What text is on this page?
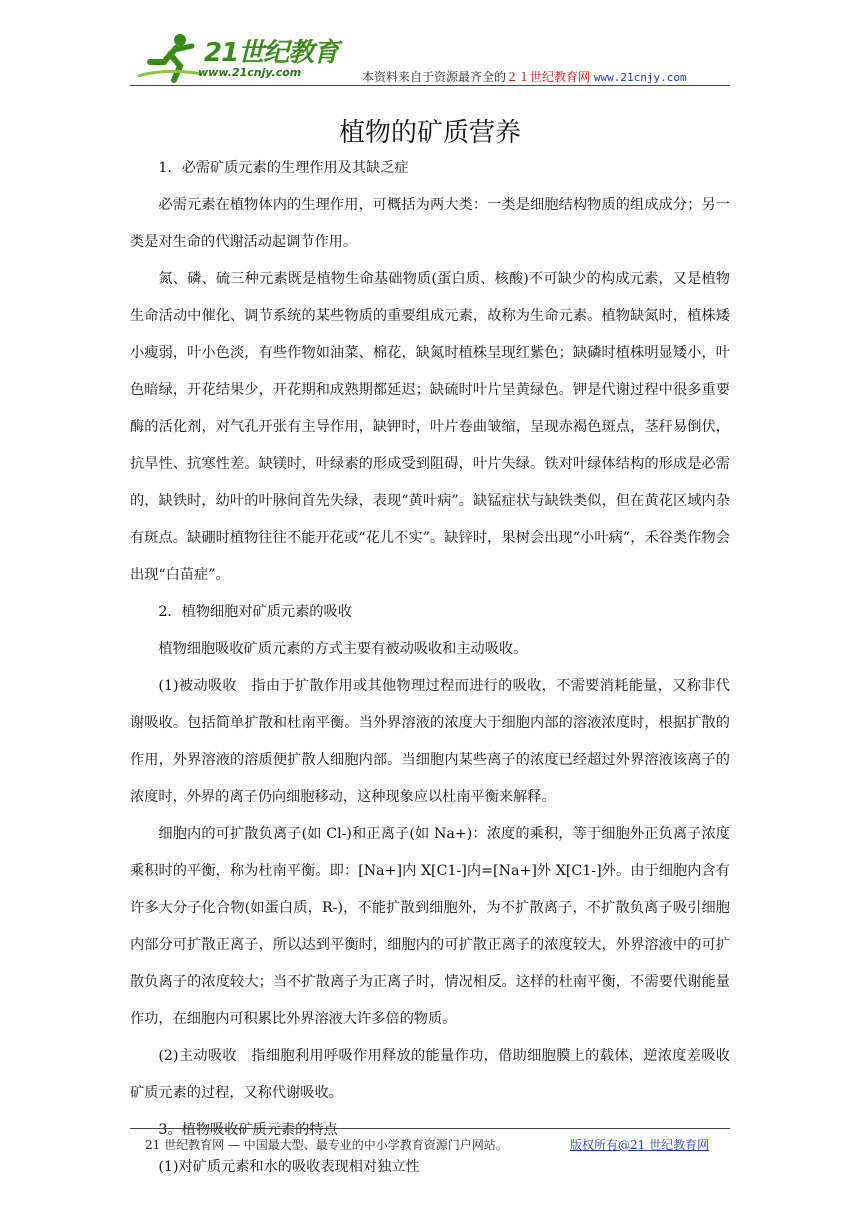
21世纪教育
www.21cnjy.com	本资料来自于资源最齐全的２１世纪教育网 www.21cnjy.com
植物的矿质营养

1．必需矿质元素的生理作用及其缺乏症

必需元素在植物体内的生理作用，可概括为两大类：一类是细胞结构物质的组成成分；另一类是对生命的代谢活动起调节作用。

氮、磷、硫三种元素既是植物生命基础物质(蛋白质、核酸)不可缺少的构成元素，又是植物生命活动中催化、调节系统的某些物质的重要组成元素，故称为生命元素。植物缺氮时，植株矮小瘦弱，叶小色淡，有些作物如油菜、棉花，缺氮时植株呈现红紫色；缺磷时植株明显矮小，叶色暗绿，开花结果少，开花期和成熟期都延迟；缺硫时叶片呈黄绿色。钾是代谢过程中很多重要酶的活化剂，对气孔开张有主导作用，缺钾时，叶片卷曲皱缩，呈现赤褐色斑点，茎秆易倒伏，抗旱性、抗寒性差。缺镁时，叶绿素的形成受到阻碍，叶片失绿。铁对叶绿体结构的形成是必需的，缺铁时，幼叶的叶脉间首先失绿，表现“黄叶病”。缺锰症状与缺铁类似，但在黄花区域内杂有斑点。缺硼时植物往往不能开花或“花儿不实”。缺锌时，果树会出现“小叶病”，禾谷类作物会出现“白苗症”。

2．植物细胞对矿质元素的吸收

植物细胞吸收矿质元素的方式主要有被动吸收和主动吸收。

(1)被动吸收　指由于扩散作用或其他物理过程而进行的吸收，不需要消耗能量，又称非代谢吸收。包括简单扩散和杜南平衡。当外界溶液的浓度大于细胞内部的溶液浓度时，根据扩散的作用，外界溶液的溶质便扩散人细胞内部。当细胞内某些离子的浓度已经超过外界溶液该离子的浓度时，外界的离子仍向细胞移动，这种现象应以杜南平衡来解释。

细胞内的可扩散负离子(如 Cl-)和正离子(如 Na+)：浓度的乘积，等于细胞外正负离子浓度乘积时的平衡，称为杜南平衡。即：[Na+]内 X[C1-]内=[Na+]外 X[C1-]外。由于细胞内含有许多大分子化合物(如蛋白质，R-)，不能扩散到细胞外，为不扩散离子，不扩散负离子吸引细胞内部分可扩散正离子，所以达到平衡时，细胞内的可扩散正离子的浓度较大，外界溶液中的可扩散负离子的浓度较大；当不扩散离子为正离子时，情况相反。这样的杜南平衡，不需要代谢能量作功，在细胞内可积累比外界溶液大许多倍的物质。

(2)主动吸收　指细胞利用呼吸作用释放的能量作功，借助细胞膜上的载体，逆浓度差吸收矿质元素的过程，又称代谢吸收。

3。植物吸收矿质元素的特点

(1)对矿质元素和水的吸收表现相对独立性

21 世纪教育网 — 中国最大型、最专业的中小学教育资源门户网站。	版权所有@21 世纪教育网
